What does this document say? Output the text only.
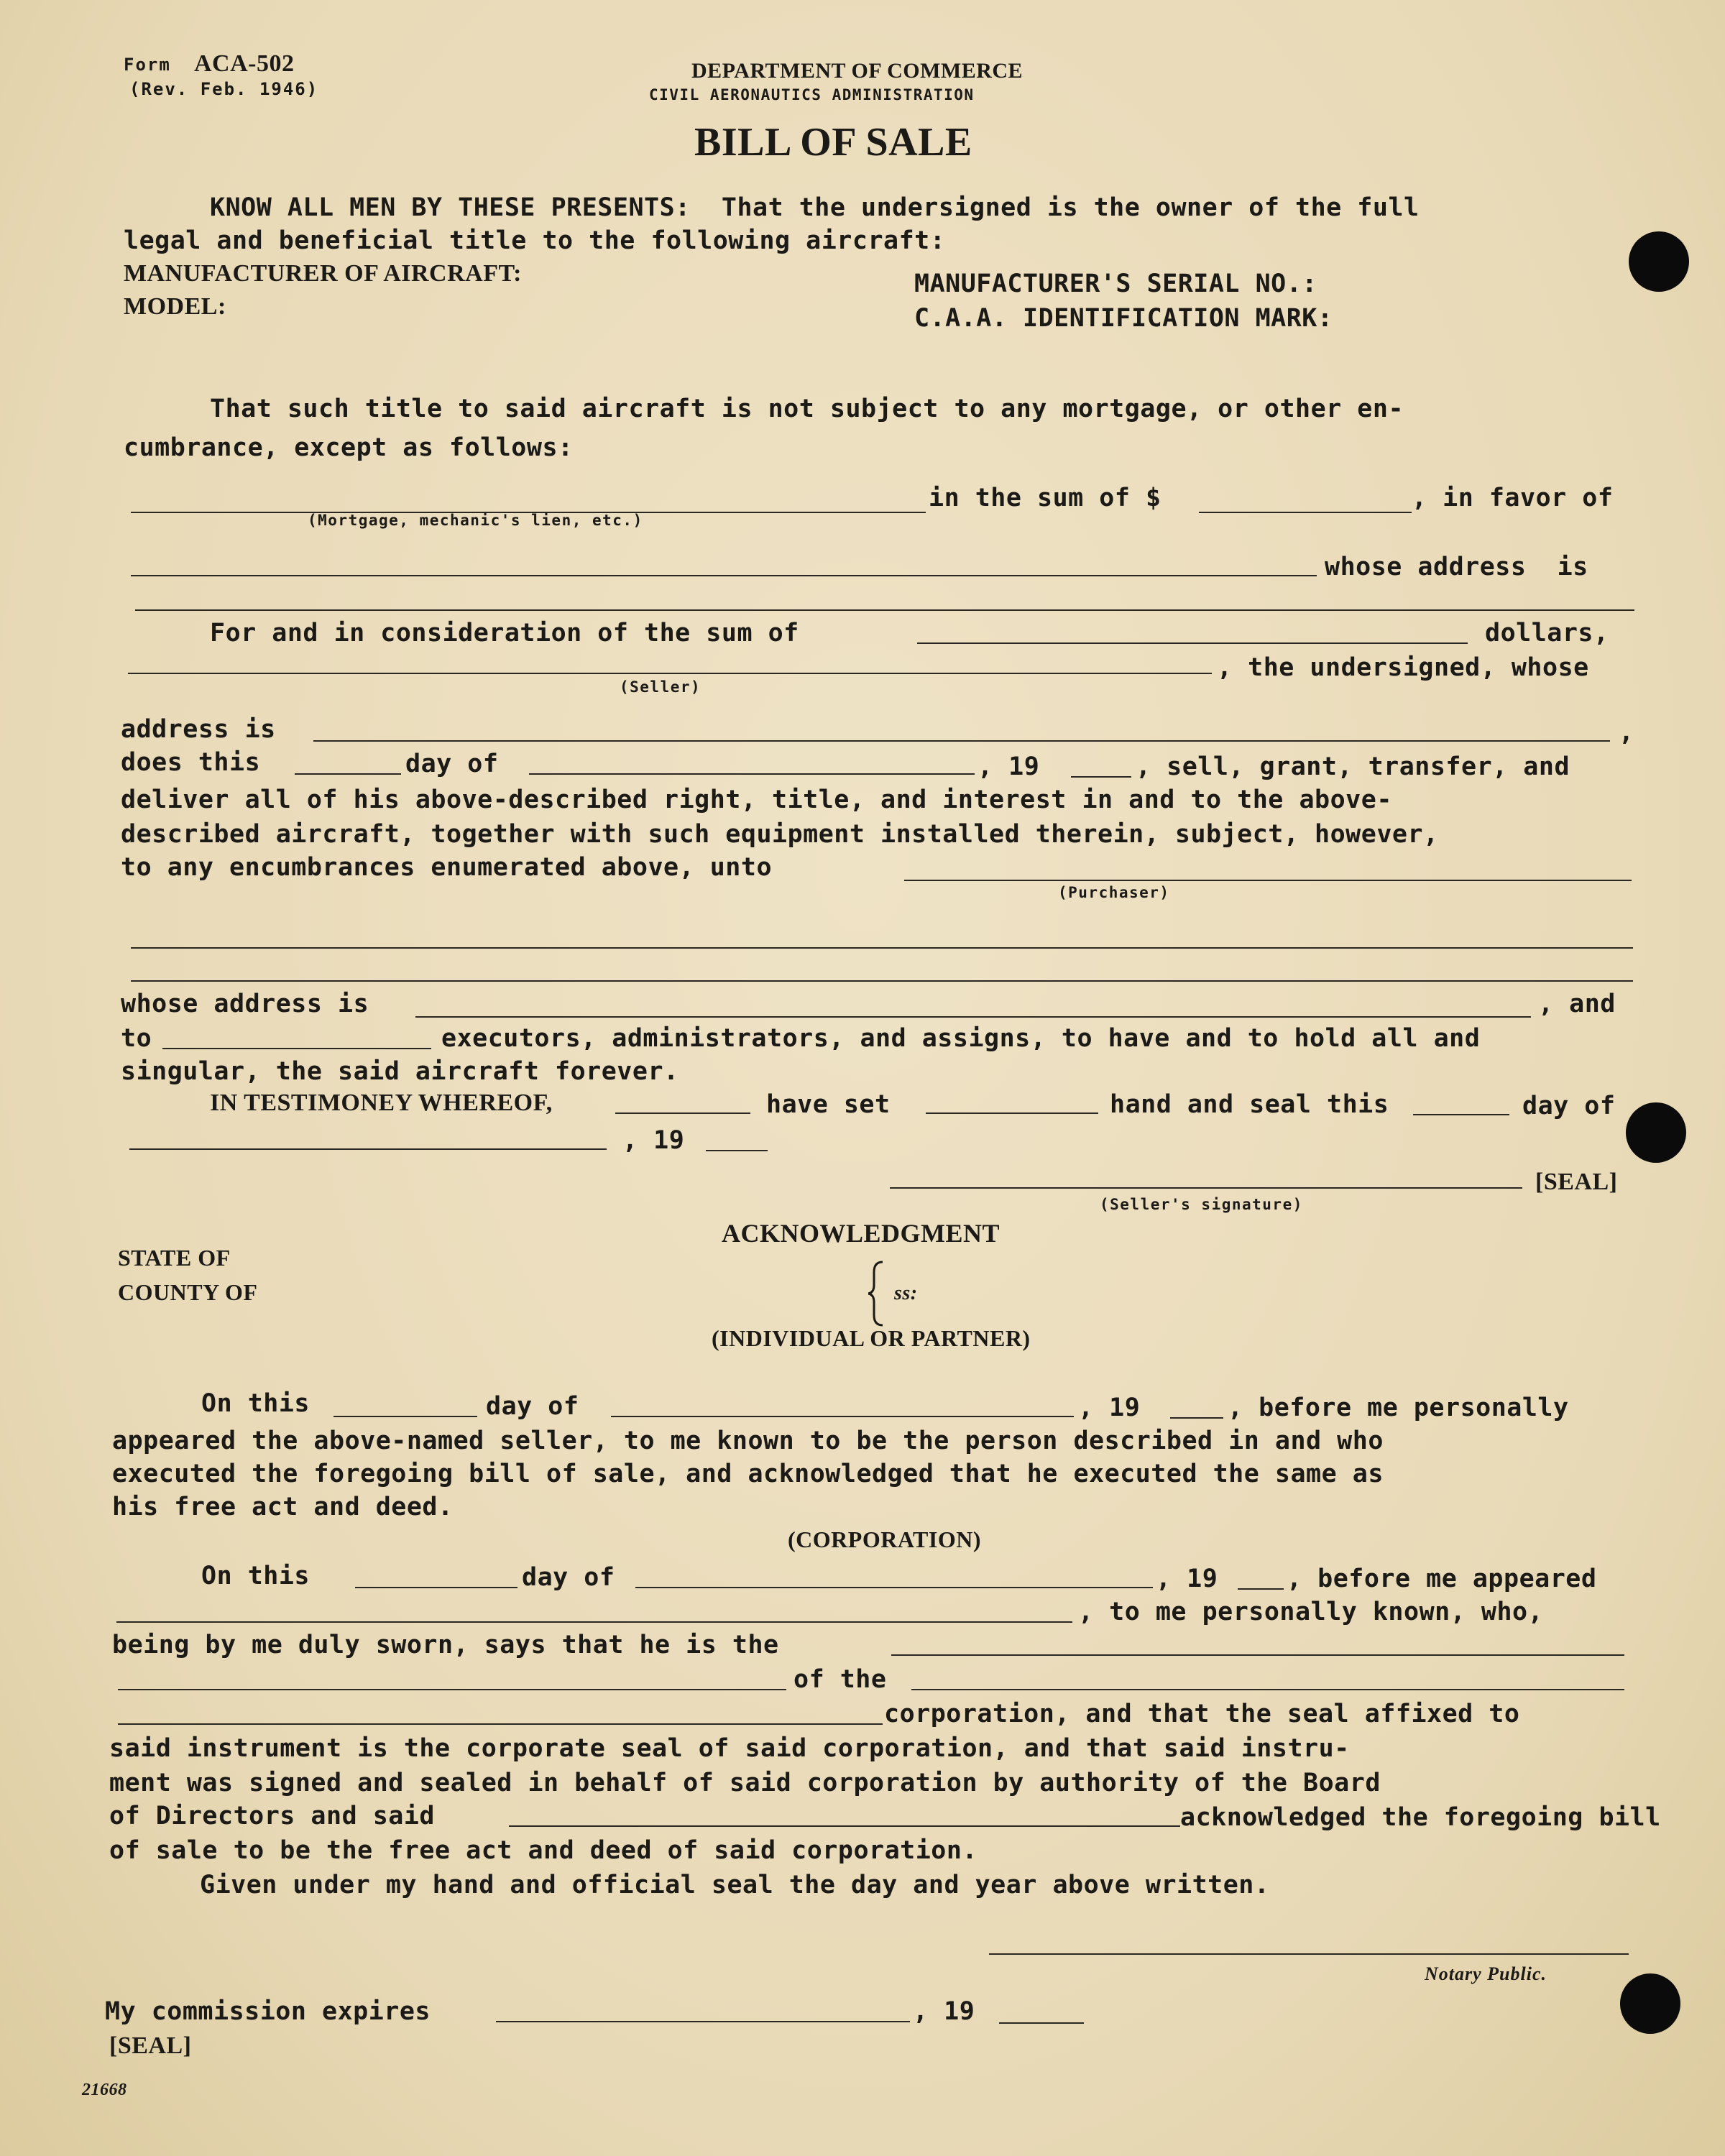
Form ACA-502
(Rev. Feb. 1946)
DEPARTMENT OF COMMERCE
CIVIL AERONAUTICS ADMINISTRATION
BILL OF SALE
KNOW ALL MEN BY THESE PRESENTS:  That the undersigned is the owner of the full
legal and beneficial title to the following aircraft:
MANUFACTURER OF AIRCRAFT:
MODEL:
MANUFACTURER'S SERIAL NO.:
C.A.A. IDENTIFICATION MARK:
That such title to said aircraft is not subject to any mortgage, or other en-
cumbrance, except as follows:
in the sum of $	, in favor of
(Mortgage, mechanic's lien, etc.)
whose address  is
For and in consideration of the sum of	dollars,
, the undersigned, whose
(Seller)
address is	,
does this	day of	, 19	, sell, grant, transfer, and
deliver all of his above-described right, title, and interest in and to the above-
described aircraft, together with such equipment installed therein, subject, however,
to any encumbrances enumerated above, unto
(Purchaser)
whose address is	, and
to	executors, administrators, and assigns, to have and to hold all and
singular, the said aircraft forever.
IN TESTIMONEY WHEREOF,	have set	hand and seal this	day of
, 19
[SEAL]
(Seller's signature)
ACKNOWLEDGMENT
STATE OF
COUNTY OF	ss:
(INDIVIDUAL OR PARTNER)
On this	day of	, 19	, before me personally
appeared the above-named seller, to me known to be the person described in and who
executed the foregoing bill of sale, and acknowledged that he executed the same as
his free act and deed.
(CORPORATION)
On this	day of	, 19	, before me appeared
, to me personally known, who,
being by me duly sworn, says that he is the
of the
corporation, and that the seal affixed to
said instrument is the corporate seal of said corporation, and that said instru-
ment was signed and sealed in behalf of said corporation by authority of the Board
of Directors and said	acknowledged the foregoing bill
of sale to be the free act and deed of said corporation.
Given under my hand and official seal the day and year above written.
Notary Public.
My commission expires	, 19
[SEAL]
21668
